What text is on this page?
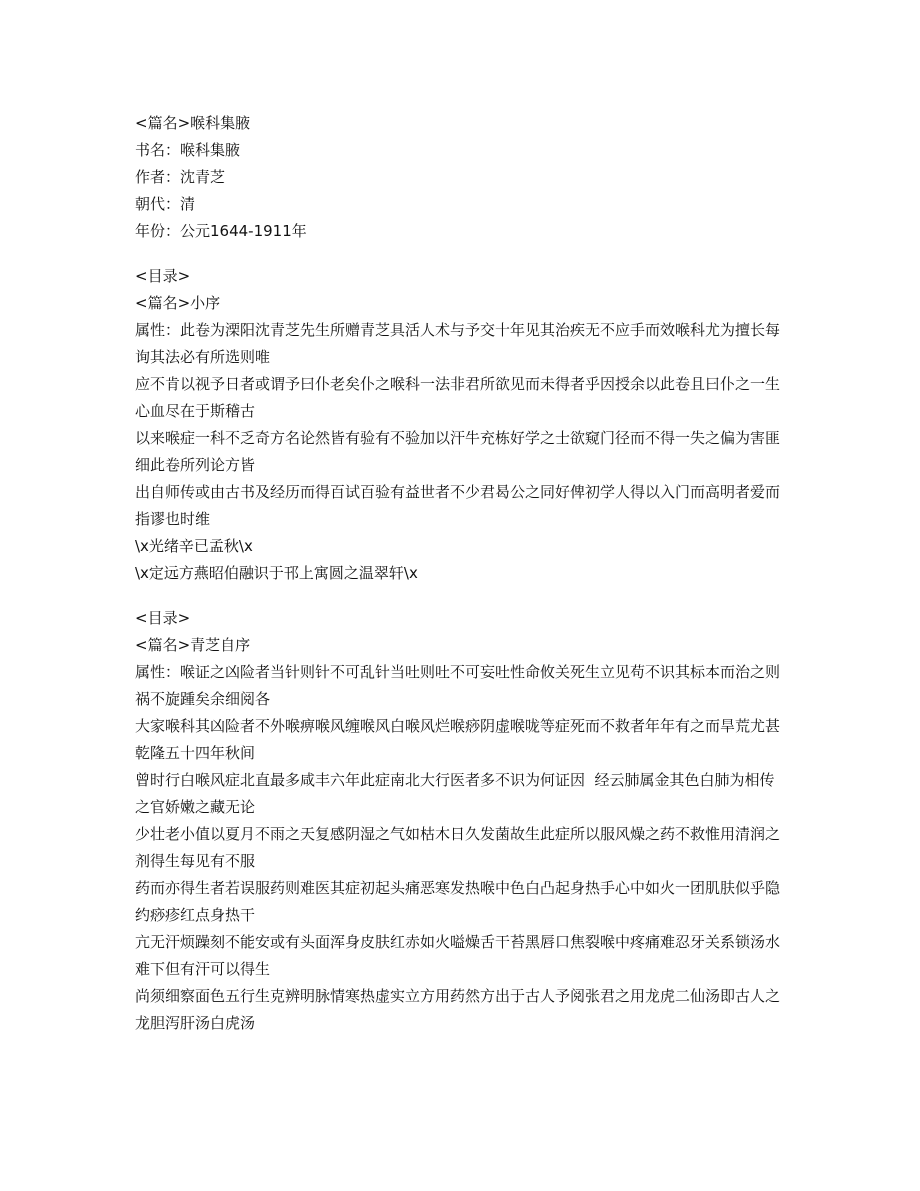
<篇名>喉科集腋
书名：喉科集腋
作者：沈青芝
朝代：清
年份：公元1644-1911年
<目录>
<篇名>小序
属性：此卷为溧阳沈青芝先生所赠青芝具活人术与予交十年见其治疾无不应手而效喉科尤为擅长每询其法必有所选则唯
应不肯以视予日者或谓予曰仆老矣仆之喉科一法非君所欲见而未得者乎因授余以此卷且曰仆之一生心血尽在于斯稽古
以来喉症一科不乏奇方名论然皆有验有不验加以汗牛充栋好学之士欲窥门径而不得一失之偏为害匪细此卷所列论方皆
出自师传或由古书及经历而得百试百验有益世者不少君曷公之同好俾初学人得以入门而高明者爱而指谬也时维
\x光绪辛已孟秋\x
\x定远方燕昭伯融识于邗上寓圆之温翠轩\x
<目录>
<篇名>青芝自序
属性：喉证之凶险者当针则针不可乱针当吐则吐不可妄吐性命攸关死生立见苟不识其标本而治之则祸不旋踵矣余细阅各
大家喉科其凶险者不外喉痹喉风缠喉风白喉风烂喉痧阴虚喉咙等症死而不救者年年有之而旱荒尤甚乾隆五十四年秋间
曾时行白喉风症北直最多咸丰六年此症南北大行医者多不识为何证因  经云肺属金其色白肺为相传之官娇嫩之藏无论
少壮老小值以夏月不雨之天复感阴湿之气如枯木日久发菌故生此症所以服风燥之药不救惟用清润之剂得生每见有不服
药而亦得生者若误服药则难医其症初起头痛恶寒发热喉中色白凸起身热手心中如火一团肌肤似乎隐约痧疹红点身热干
亢无汗烦躁刻不能安或有头面浑身皮肤红赤如火嗌燥舌干苔黑唇口焦裂喉中疼痛难忍牙关系锁汤水难下但有汗可以得生
尚须细察面色五行生克辨明脉情寒热虚实立方用药然方出于古人予阅张君之用龙虎二仙汤即古人之龙胆泻肝汤白虎汤
